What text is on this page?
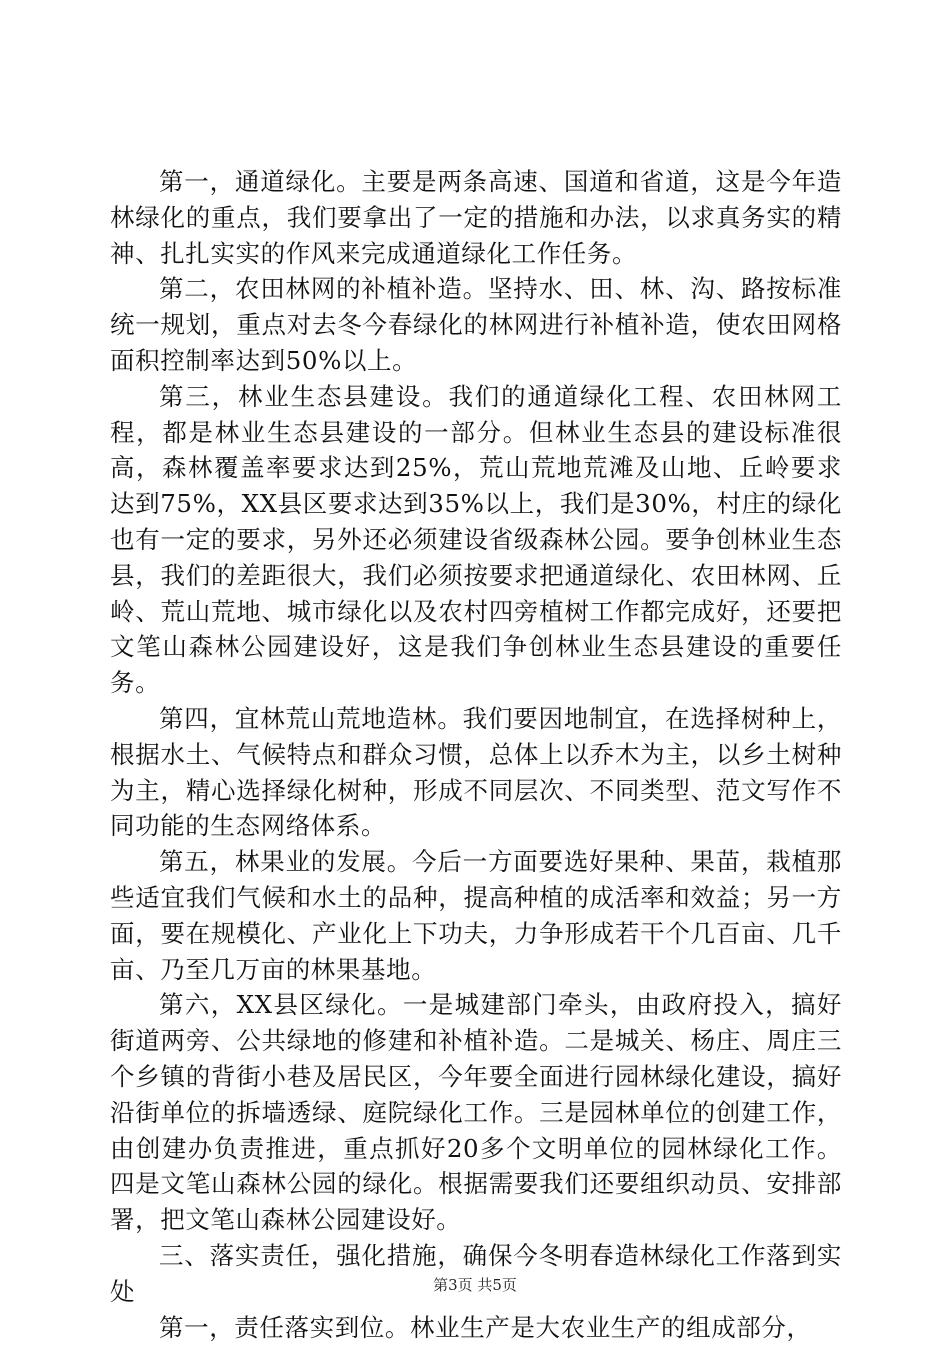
第一，通道绿化。主要是两条高速、国道和省道，这是今年造林绿化的重点，我们要拿出了一定的措施和办法，以求真务实的精神、扎扎实实的作风来完成通道绿化工作任务。

第二，农田林网的补植补造。坚持水、田、林、沟、路按标准统一规划，重点对去冬今春绿化的林网进行补植补造，使农田网格面积控制率达到50%以上。

第三，林业生态县建设。我们的通道绿化工程、农田林网工程，都是林业生态县建设的一部分。但林业生态县的建设标准很高，森林覆盖率要求达到25%，荒山荒地荒滩及山地、丘岭要求达到75%，XX县区要求达到35%以上，我们是30%，村庄的绿化也有一定的要求，另外还必须建设省级森林公园。要争创林业生态县，我们的差距很大，我们必须按要求把通道绿化、农田林网、丘岭、荒山荒地、城市绿化以及农村四旁植树工作都完成好，还要把文笔山森林公园建设好，这是我们争创林业生态县建设的重要任务。

第四，宜林荒山荒地造林。我们要因地制宜，在选择树种上，根据水土、气候特点和群众习惯，总体上以乔木为主，以乡土树种为主，精心选择绿化树种，形成不同层次、不同类型、范文写作不同功能的生态网络体系。

第五，林果业的发展。今后一方面要选好果种、果苗，栽植那些适宜我们气候和水土的品种，提高种植的成活率和效益；另一方面，要在规模化、产业化上下功夫，力争形成若干个几百亩、几千亩、乃至几万亩的林果基地。

第六，XX县区绿化。一是城建部门牵头，由政府投入，搞好街道两旁、公共绿地的修建和补植补造。二是城关、杨庄、周庄三个乡镇的背街小巷及居民区，今年要全面进行园林绿化建设，搞好沿街单位的拆墙透绿、庭院绿化工作。三是园林单位的创建工作，由创建办负责推进，重点抓好20多个文明单位的园林绿化工作。四是文笔山森林公园的绿化。根据需要我们还要组织动员、安排部署，把文笔山森林公园建设好。

三、落实责任，强化措施，确保今冬明春造林绿化工作落到实处

第一，责任落实到位。林业生产是大农业生产的组成部分，

第3页 共5页
